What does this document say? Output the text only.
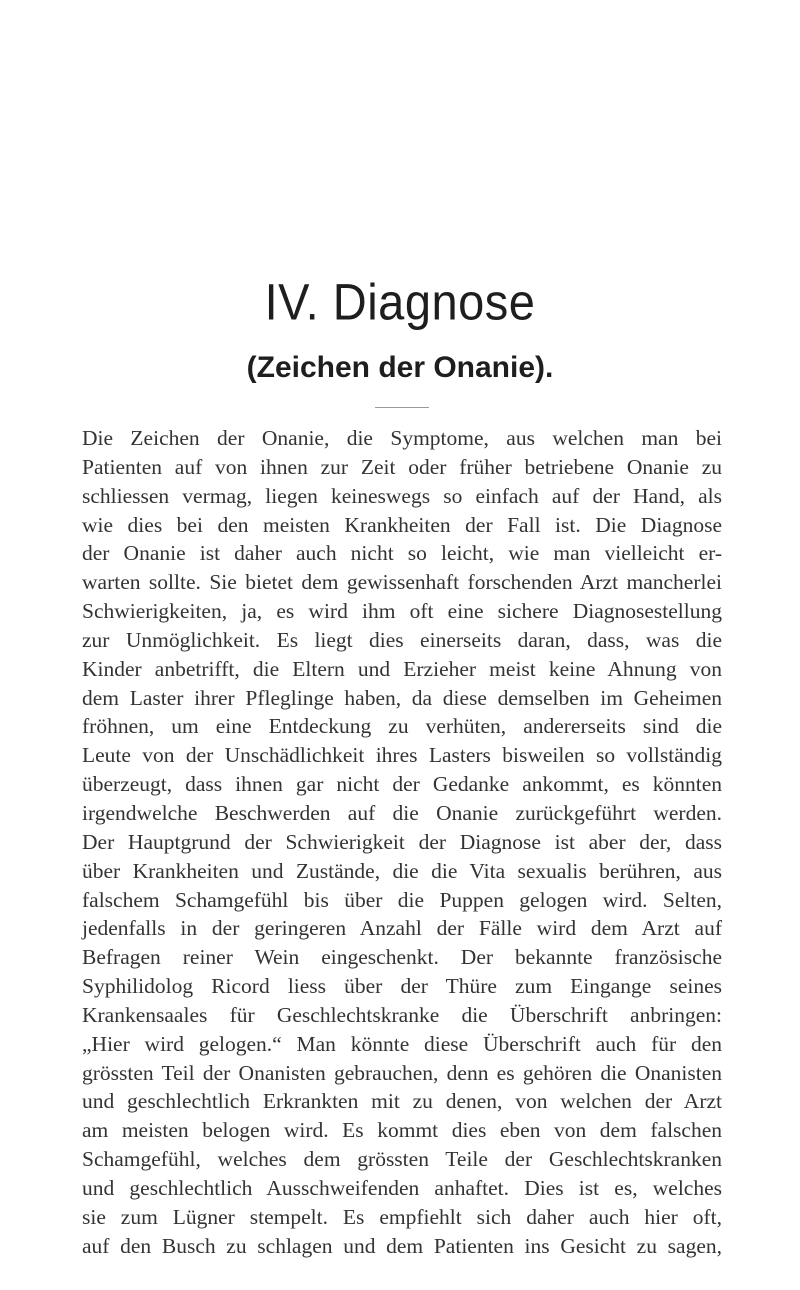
IV. Diagnose
(Zeichen der Onanie).
Die Zeichen der Onanie, die Symptome, aus welchen man bei
Patienten auf von ihnen zur Zeit oder früher betriebene Onanie zu
schliessen vermag, liegen keineswegs so einfach auf der Hand, als
wie dies bei den meisten Krankheiten der Fall ist. Die Diagnose
der Onanie ist daher auch nicht so leicht, wie man vielleicht er-
warten sollte. Sie bietet dem gewissenhaft forschenden Arzt mancherlei
Schwierigkeiten, ja, es wird ihm oft eine sichere Diagnosestellung
zur Unmöglichkeit. Es liegt dies einerseits daran, dass, was die
Kinder anbetrifft, die Eltern und Erzieher meist keine Ahnung von
dem Laster ihrer Pfleglinge haben, da diese demselben im Geheimen
fröhnen, um eine Entdeckung zu verhüten, andererseits sind die
Leute von der Unschädlichkeit ihres Lasters bisweilen so vollständig
überzeugt, dass ihnen gar nicht der Gedanke ankommt, es könnten
irgendwelche Beschwerden auf die Onanie zurückgeführt werden.
Der Hauptgrund der Schwierigkeit der Diagnose ist aber der, dass
über Krankheiten und Zustände, die die Vita sexualis berühren, aus
falschem Schamgefühl bis über die Puppen gelogen wird. Selten,
jedenfalls in der geringeren Anzahl der Fälle wird dem Arzt auf
Befragen reiner Wein eingeschenkt. Der bekannte französische
Syphilidolog Ricord liess über der Thüre zum Eingange seines
Krankensaales für Geschlechtskranke die Überschrift anbringen:
„Hier wird gelogen.“ Man könnte diese Überschrift auch für den
grössten Teil der Onanisten gebrauchen, denn es gehören die Onanisten
und geschlechtlich Erkrankten mit zu denen, von welchen der Arzt
am meisten belogen wird. Es kommt dies eben von dem falschen
Schamgefühl, welches dem grössten Teile der Geschlechtskranken
und geschlechtlich Ausschweifenden anhaftet. Dies ist es, welches
sie zum Lügner stempelt. Es empfiehlt sich daher auch hier oft,
auf den Busch zu schlagen und dem Patienten ins Gesicht zu sagen,
